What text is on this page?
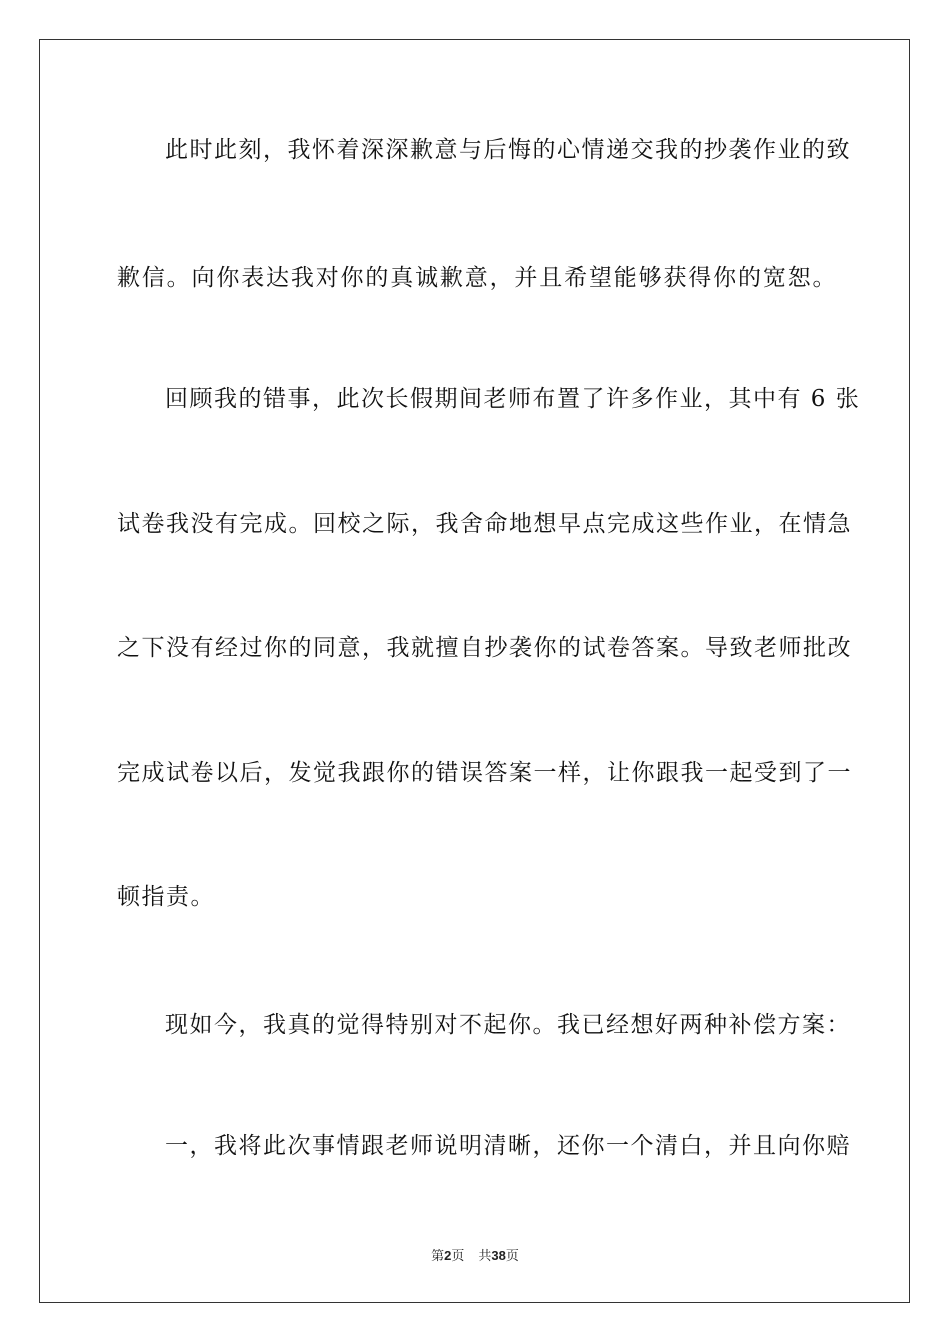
此时此刻，我怀着深深歉意与后悔的心情递交我的抄袭作业的致
歉信。向你表达我对你的真诚歉意，并且希望能够获得你的宽恕。
回顾我的错事，此次长假期间老师布置了许多作业，其中有 6 张
试卷我没有完成。回校之际，我舍命地想早点完成这些作业，在情急
之下没有经过你的同意，我就擅自抄袭你的试卷答案。导致老师批改
完成试卷以后，发觉我跟你的错误答案一样，让你跟我一起受到了一
顿指责。
现如今，我真的觉得特别对不起你。我已经想好两种补偿方案：
一，我将此次事情跟老师说明清晰，还你一个清白，并且向你赔
第2页 共38页
